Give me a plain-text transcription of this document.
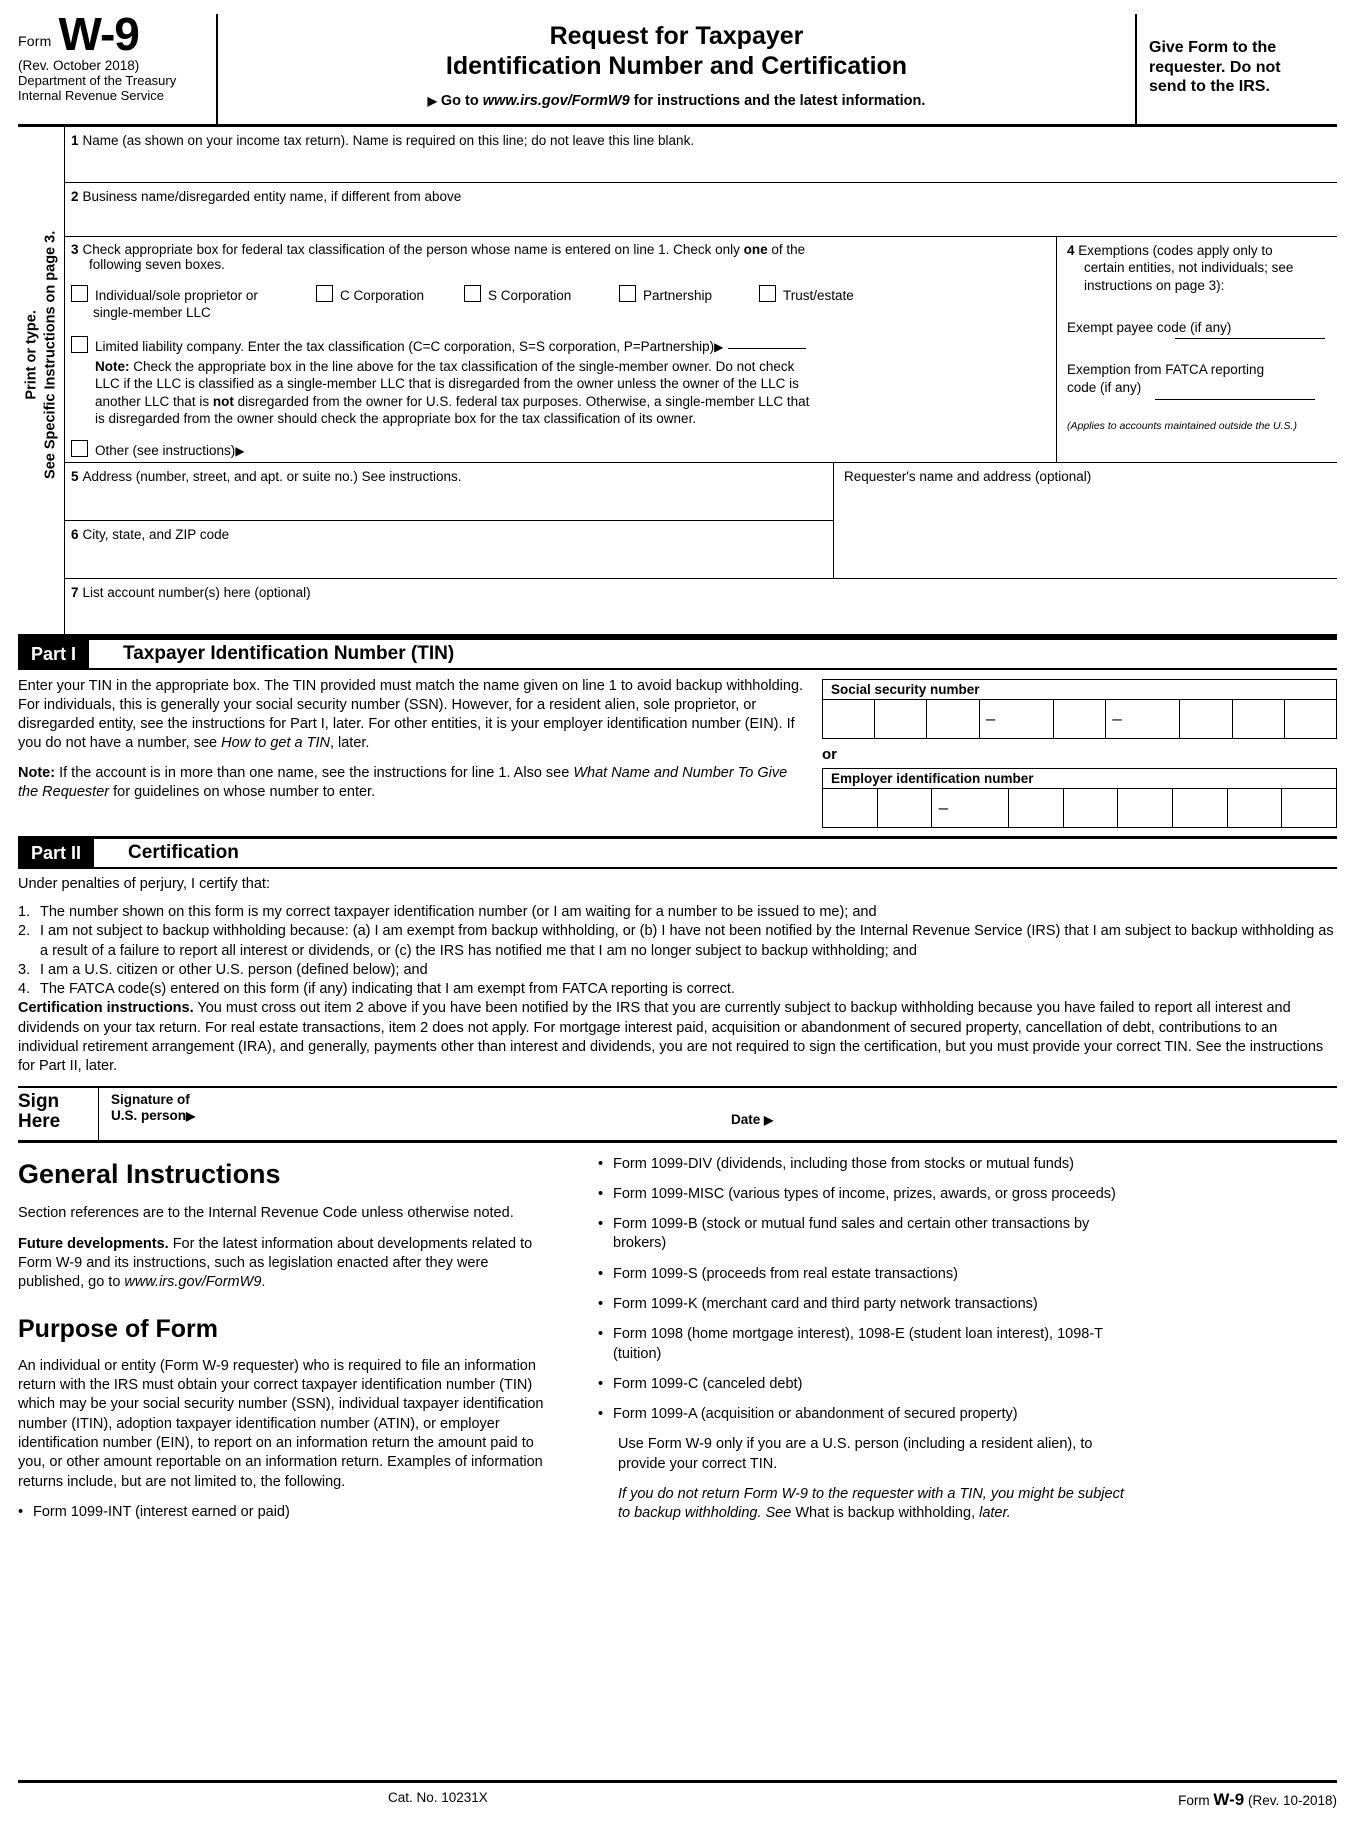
Form W-9
(Rev. October 2018)
Department of the Treasury
Internal Revenue Service
Request for Taxpayer
Identification Number and Certification
▶ Go to www.irs.gov/FormW9 for instructions and the latest information.
Give Form to the
requester. Do not
send to the IRS.
Print or type. See Specific Instructions on page 3.
1 Name (as shown on your income tax return). Name is required on this line; do not leave this line blank.
2 Business name/disregarded entity name, if different from above
3 Check appropriate box for federal tax classification of the person whose name is entered on line 1. Check only one of the
following seven boxes.
Individual/sole proprietor or
single-member LLC
C Corporation	S Corporation	Partnership	Trust/estate
Limited liability company. Enter the tax classification (C=C corporation, S=S corporation, P=Partnership)▶
Note: Check the appropriate box in the line above for the tax classification of the single-member owner. Do not check
LLC if the LLC is classified as a single-member LLC that is disregarded from the owner unless the owner of the LLC is
another LLC that is not disregarded from the owner for U.S. federal tax purposes. Otherwise, a single-member LLC that
is disregarded from the owner should check the appropriate box for the tax classification of its owner.
Other (see instructions)▶
4 Exemptions (codes apply only to
certain entities, not individuals; see
instructions on page 3):
Exempt payee code (if any)
Exemption from FATCA reporting
code (if any)
(Applies to accounts maintained outside the U.S.)
5 Address (number, street, and apt. or suite no.) See instructions.
6 City, state, and ZIP code
Requester's name and address (optional)
7 List account number(s) here (optional)
Part I	Taxpayer Identification Number (TIN)

Enter your TIN in the appropriate box. The TIN provided must match the name given on line 1 to avoid backup withholding. For individuals, this is generally your social security number (SSN). However, for a resident alien, sole proprietor, or disregarded entity, see the instructions for Part I, later. For other entities, it is your employer identification number (EIN). If you do not have a number, see How to get a TIN, later.

Note: If the account is in more than one name, see the instructions for line 1. Also see What Name and Number To Give the Requester for guidelines on whose number to enter.

Social security number
–	–
or
Employer identification number
–
Part II	Certification

Under penalties of perjury, I certify that:

1. The number shown on this form is my correct taxpayer identification number (or I am waiting for a number to be issued to me); and
2. I am not subject to backup withholding because: (a) I am exempt from backup withholding, or (b) I have not been notified by the Internal Revenue Service (IRS) that I am subject to backup withholding as a result of a failure to report all interest or dividends, or (c) the IRS has notified me that I am no longer subject to backup withholding; and
3. I am a U.S. citizen or other U.S. person (defined below); and
4. The FATCA code(s) entered on this form (if any) indicating that I am exempt from FATCA reporting is correct.

Certification instructions. You must cross out item 2 above if you have been notified by the IRS that you are currently subject to backup withholding because you have failed to report all interest and dividends on your tax return. For real estate transactions, item 2 does not apply. For mortgage interest paid, acquisition or abandonment of secured property, cancellation of debt, contributions to an individual retirement arrangement (IRA), and generally, payments other than interest and dividends, you are not required to sign the certification, but you must provide your correct TIN. See the instructions for Part II, later.

Sign
Here
Signature of
U.S. person▶	Date ▶
General Instructions

Section references are to the Internal Revenue Code unless otherwise noted.

Future developments. For the latest information about developments related to Form W-9 and its instructions, such as legislation enacted after they were published, go to www.irs.gov/FormW9.

Purpose of Form

An individual or entity (Form W-9 requester) who is required to file an information return with the IRS must obtain your correct taxpayer identification number (TIN) which may be your social security number (SSN), individual taxpayer identification number (ITIN), adoption taxpayer identification number (ATIN), or employer identification number (EIN), to report on an information return the amount paid to you, or other amount reportable on an information return. Examples of information returns include, but are not limited to, the following.

• Form 1099-INT (interest earned or paid)
• Form 1099-DIV (dividends, including those from stocks or mutual funds)
• Form 1099-MISC (various types of income, prizes, awards, or gross proceeds)
• Form 1099-B (stock or mutual fund sales and certain other transactions by brokers)
• Form 1099-S (proceeds from real estate transactions)
• Form 1099-K (merchant card and third party network transactions)
• Form 1098 (home mortgage interest), 1098-E (student loan interest), 1098-T (tuition)
• Form 1099-C (canceled debt)
• Form 1099-A (acquisition or abandonment of secured property)

Use Form W-9 only if you are a U.S. person (including a resident alien), to provide your correct TIN.

If you do not return Form W-9 to the requester with a TIN, you might be subject to backup withholding. See What is backup withholding, later.

Cat. No. 10231X	Form W-9 (Rev. 10-2018)
